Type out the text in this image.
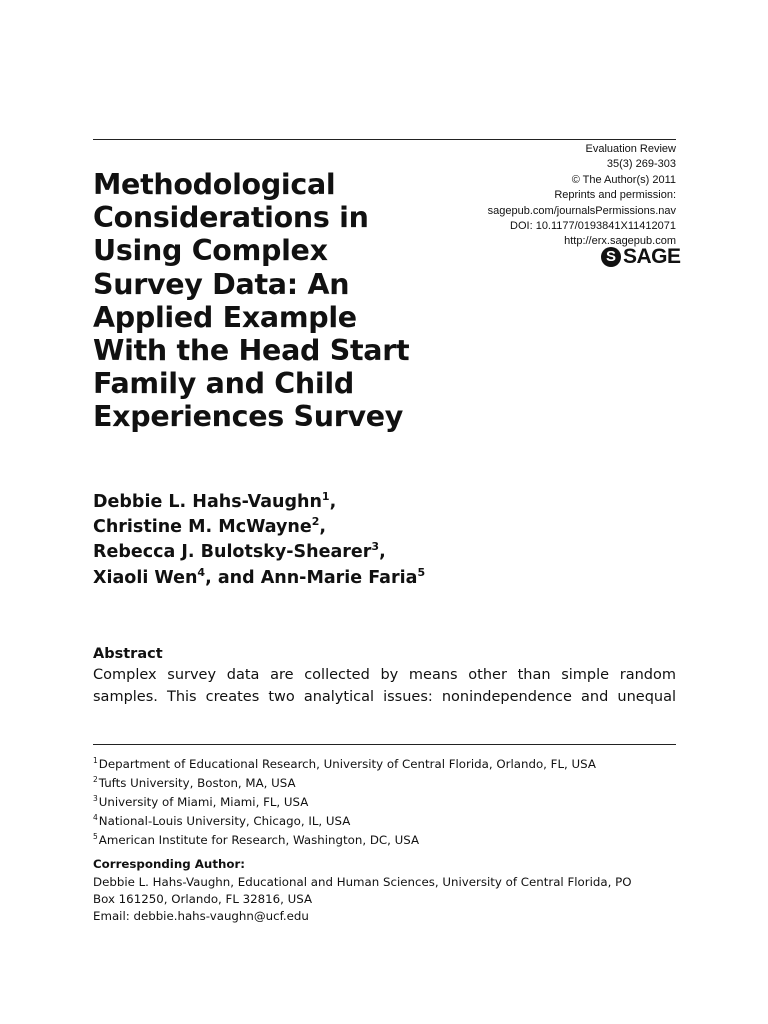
Evaluation Review
35(3) 269-303
© The Author(s) 2011
Reprints and permission:
sagepub.com/journalsPermissions.nav
DOI: 10.1177/0193841X11412071
http://erx.sagepub.com
S SAGE
Methodological
Considerations in
Using Complex
Survey Data: An
Applied Example
With the Head Start
Family and Child
Experiences Survey
Debbie L. Hahs-Vaughn$^1$,
Christine M. McWayne$^2$,
Rebecca J. Bulotsky-Shearer$^3$,
Xiaoli Wen$^4$, and Ann-Marie Faria$^5$
Abstract
Complex survey data are collected by means other than simple random
samples. This creates two analytical issues: nonindependence and unequal
$^1$Department of Educational Research, University of Central Florida, Orlando, FL, USA
$^2$Tufts University, Boston, MA, USA
$^3$University of Miami, Miami, FL, USA
$^4$National-Louis University, Chicago, IL, USA
$^5$American Institute for Research, Washington, DC, USA
Corresponding Author:
Debbie L. Hahs-Vaughn, Educational and Human Sciences, University of Central Florida, PO
Box 161250, Orlando, FL 32816, USA
Email: debbie.hahs-vaughn@ucf.edu
